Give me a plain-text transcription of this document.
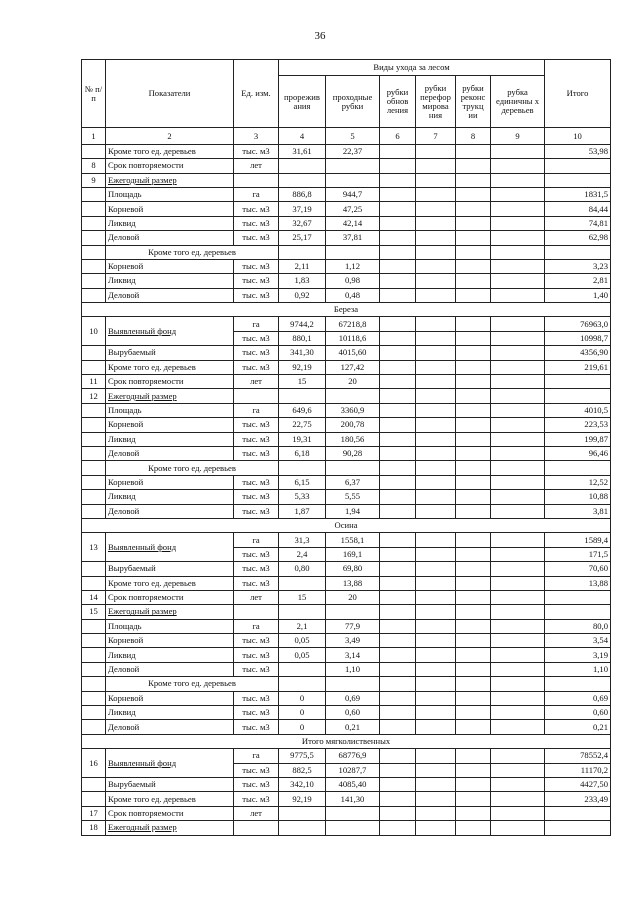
36
№ п/п	Показатели	Ед. изм.	Виды ухода за лесом						Итого
			прорежив ания	проходные рубки	рубки обнов ления	рубки перефор мирова ния	рубки реконс трукц ии	рубка единичны х деревьев	
1	2	3	4	5	6	7	8	9	10
	Кроме того ед. деревьев	тыс. м3	31,61	22,37					53,98
8	Срок повторяемости	лет							
9	Ежегодный размер								
	Площадь	га	886,8	944,7					1831,5
	Корневой	тыс. м3	37,19	47,25					84,44
	Ликвид	тыс. м3	32,67	42,14					74,81
	Деловой	тыс. м3	25,17	37,81					62,98
	Кроме того ед. деревьев								
	Корневой	тыс. м3	2,11	1,12					3,23
	Ликвид	тыс. м3	1,83	0,98					2,81
	Деловой	тыс. м3	0,92	0,48					1,40
Береза									
10	Выявленный фонд	га	9744,2	67218,8					76963,0
		тыс. м3	880,1	10118,6					10998,7
	Вырубаемый	тыс. м3	341,30	4015,60					4356,90
	Кроме того ед. деревьев	тыс. м3	92,19	127,42					219,61
11	Срок повторяемости	лет	15	20					
12	Ежегодный размер								
	Площадь	га	649,6	3360,9					4010,5
	Корневой	тыс. м3	22,75	200,78					223,53
	Ликвид	тыс. м3	19,31	180,56					199,87
	Деловой	тыс. м3	6,18	90,28					96,46
	Кроме того ед. деревьев								
	Корневой	тыс. м3	6,15	6,37					12,52
	Ликвид	тыс. м3	5,33	5,55					10,88
	Деловой	тыс. м3	1,87	1,94					3,81
Осина									
13	Выявленный фонд	га	31,3	1558,1					1589,4
		тыс. м3	2,4	169,1					171,5
	Вырубаемый	тыс. м3	0,80	69,80					70,60
	Кроме того ед. деревьев	тыс. м3		13,88					13,88
14	Срок повторяемости	лет	15	20					
15	Ежегодный размер								
	Площадь	га	2,1	77,9					80,0
	Корневой	тыс. м3	0,05	3,49					3,54
	Ликвид	тыс. м3	0,05	3,14					3,19
	Деловой	тыс. м3		1,10					1,10
	Кроме того ед. деревьев								
	Корневой	тыс. м3	0	0,69					0,69
	Ликвид	тыс. м3	0	0,60					0,60
	Деловой	тыс. м3	0	0,21					0,21
Итого мягколиственных									
16	Выявленный фонд	га	9775,5	68776,9					78552,4
		тыс. м3	882,5	10287,7					11170,2
	Вырубаемый	тыс. м3	342,10	4085,40					4427,50
	Кроме того ед. деревьев	тыс. м3	92,19	141,30					233,49
17	Срок повторяемости	лет							
18	Ежегодный размер								
